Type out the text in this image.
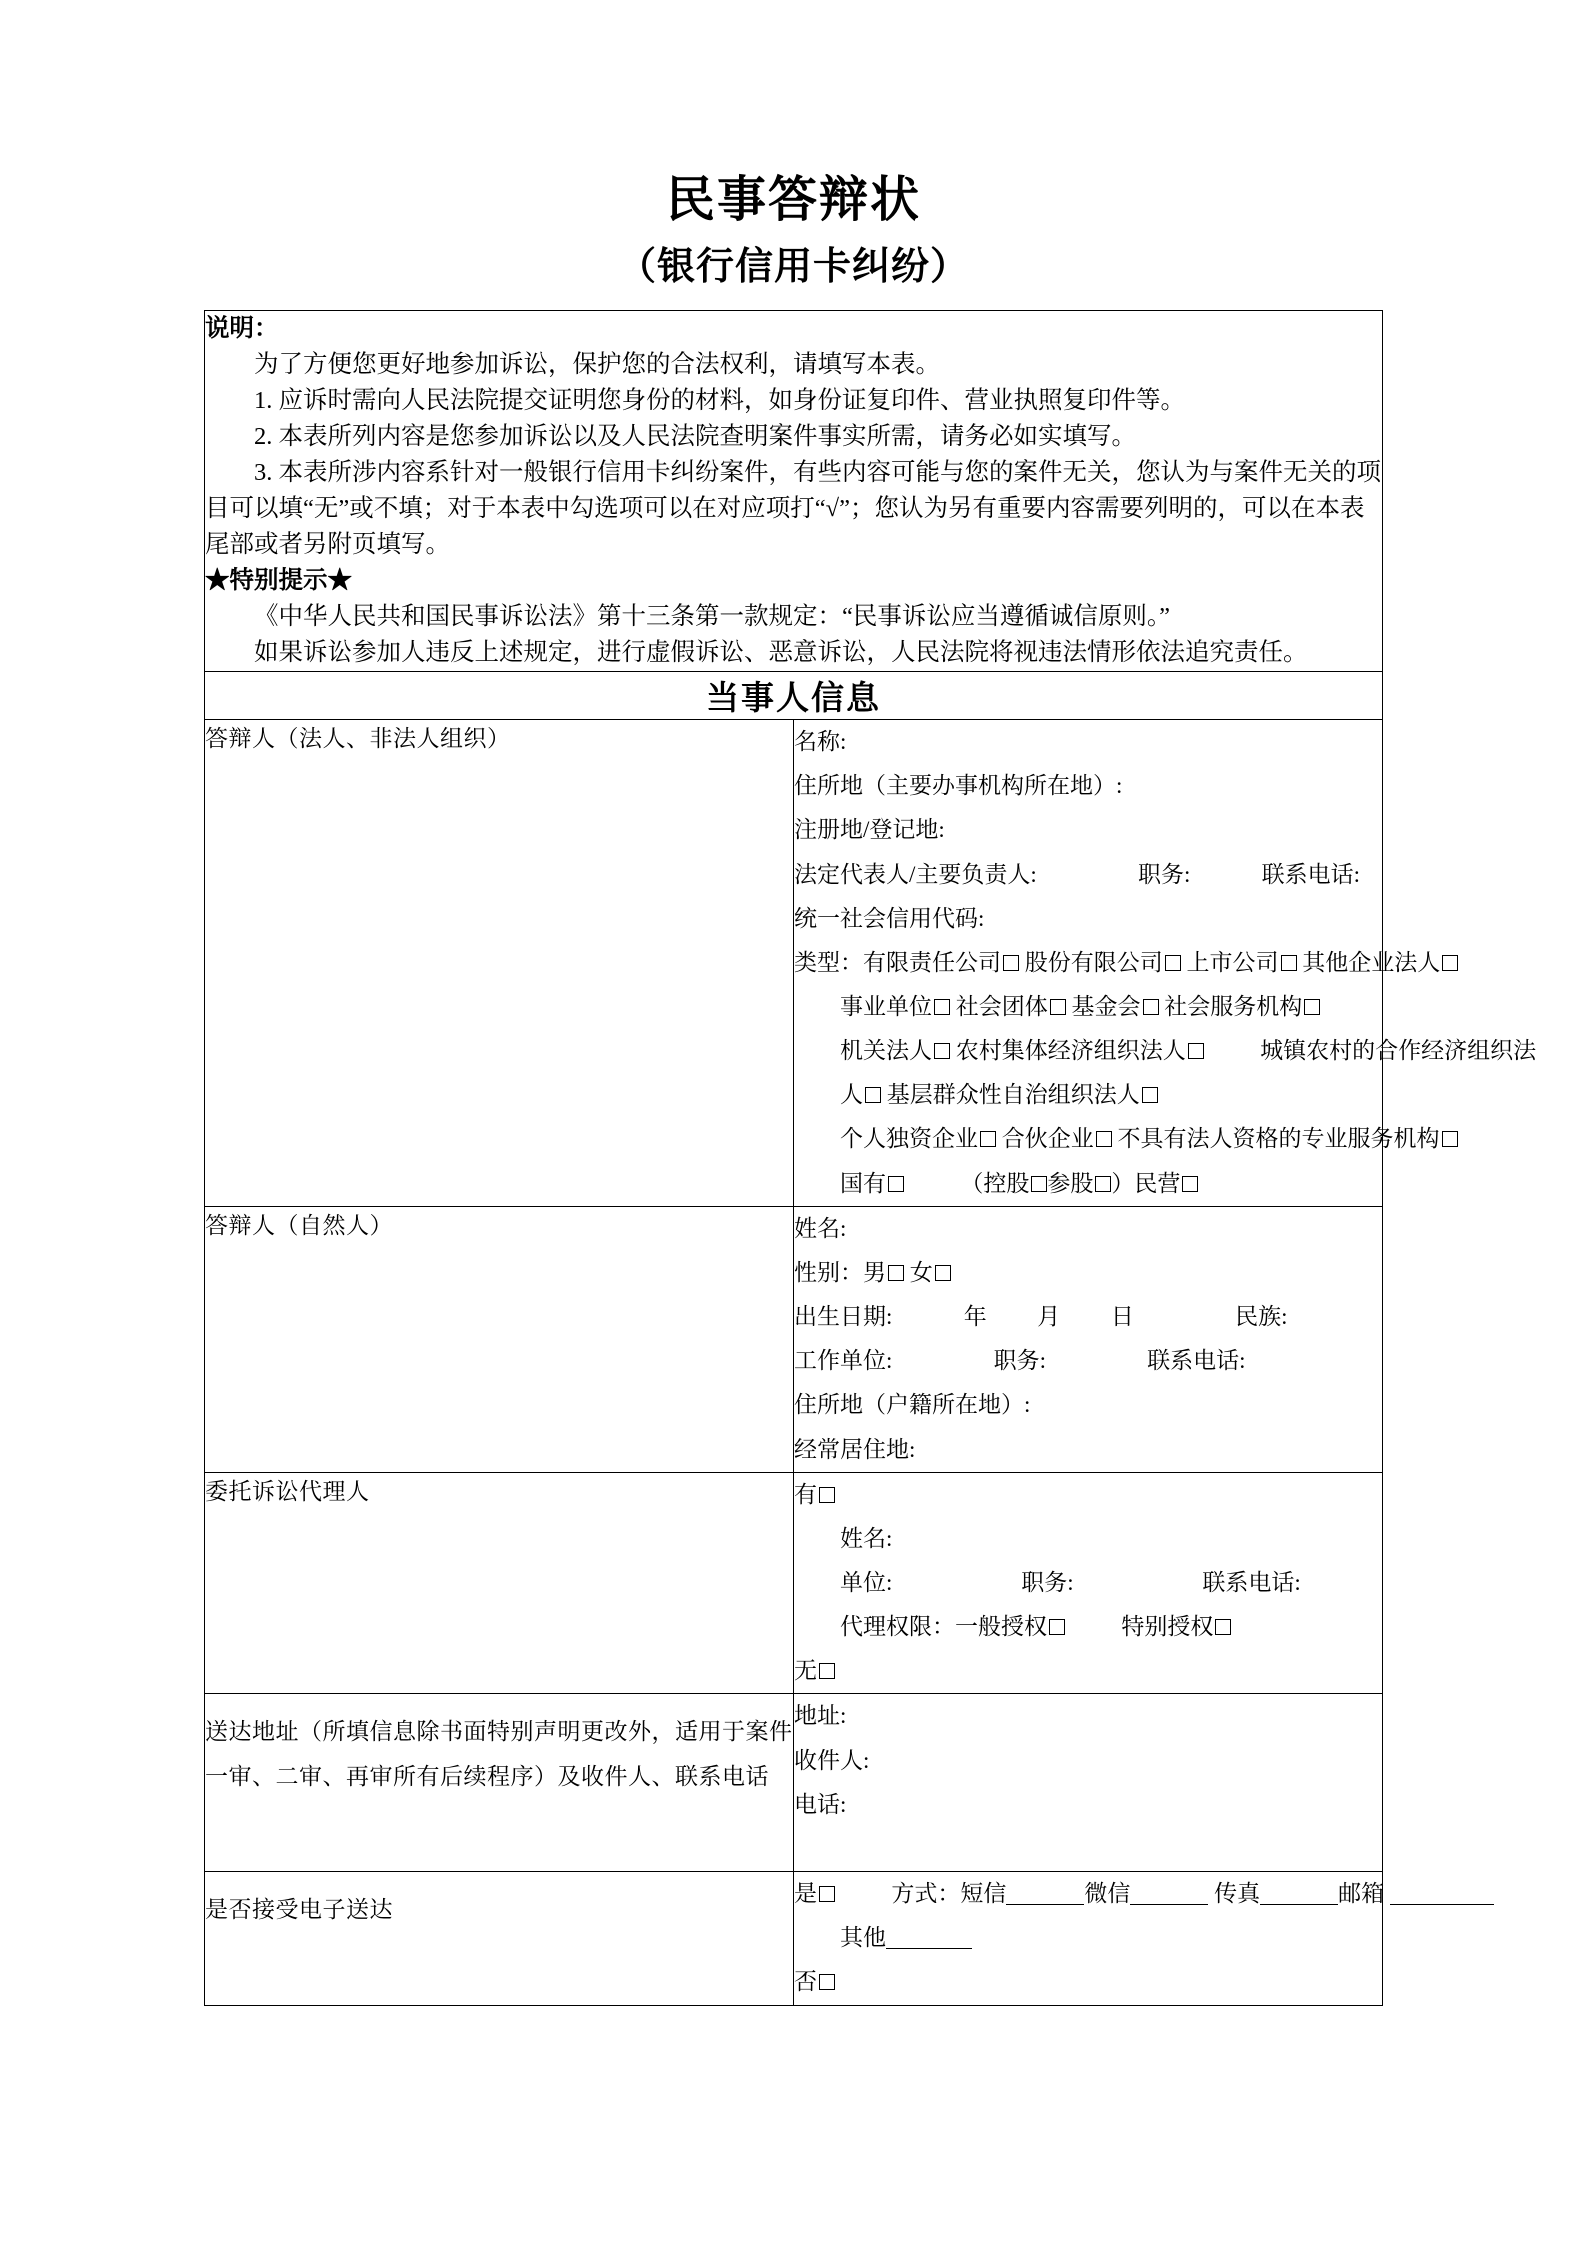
民事答辩状
（银行信用卡纠纷）
说明：

为了方便您更好地参加诉讼，保护您的合法权利，请填写本表。

1. 应诉时需向人民法院提交证明您身份的材料，如身份证复印件、营业执照复印件等。

2. 本表所列内容是您参加诉讼以及人民法院查明案件事实所需，请务必如实填写。

3. 本表所涉内容系针对一般银行信用卡纠纷案件，有些内容可能与您的案件无关，您认为与案件无关的项目可以填“无”或不填；对于本表中勾选项可以在对应项打“√”；您认为另有重要内容需要列明的，可以在本表尾部或者另附页填写。

★特别提示★

《中华人民共和国民事诉讼法》第十三条第一款规定：“民事诉讼应当遵循诚信原则。”

如果诉讼参加人违反上述规定，进行虚假诉讼、恶意诉讼，人民法院将视违法情形依法追究责任。

当事人信息	
答辩人（法人、非法人组织）	名称:
住所地（主要办事机构所在地）:
注册地/登记地:
法定代表人/主要负责人:	职务:	联系电话:
统一社会信用代码:
类型：有限责任公司 股份有限公司 上市公司 其他企业法人
事业单位 社会团体 基金会 社会服务机构
机关法人 农村集体经济组织法人	城镇农村的合作经济组织法
人 基层群众性自治组织法人
个人独资企业 合伙企业 不具有法人资格的专业服务机构
国有	（控股 参股 ）民营

答辩人（自然人）	姓名:
性别：男 女
出生日期:	年 月 日	民族:
工作单位:	职务:	联系电话:
住所地（户籍所在地）:
经常居住地:

委托诉讼代理人	有
姓名:
单位: 职务: 联系电话:
代理权限：一般授权 特别授权
无

送达地址（所填信息除书面特别声明更改外，适用于案件一审、二审、再审所有后续程序）及收件人、联系电话	地址:
收件人:
电话:

是否接受电子送达	是 方式：短信 微信 传真 邮箱
其他
否
